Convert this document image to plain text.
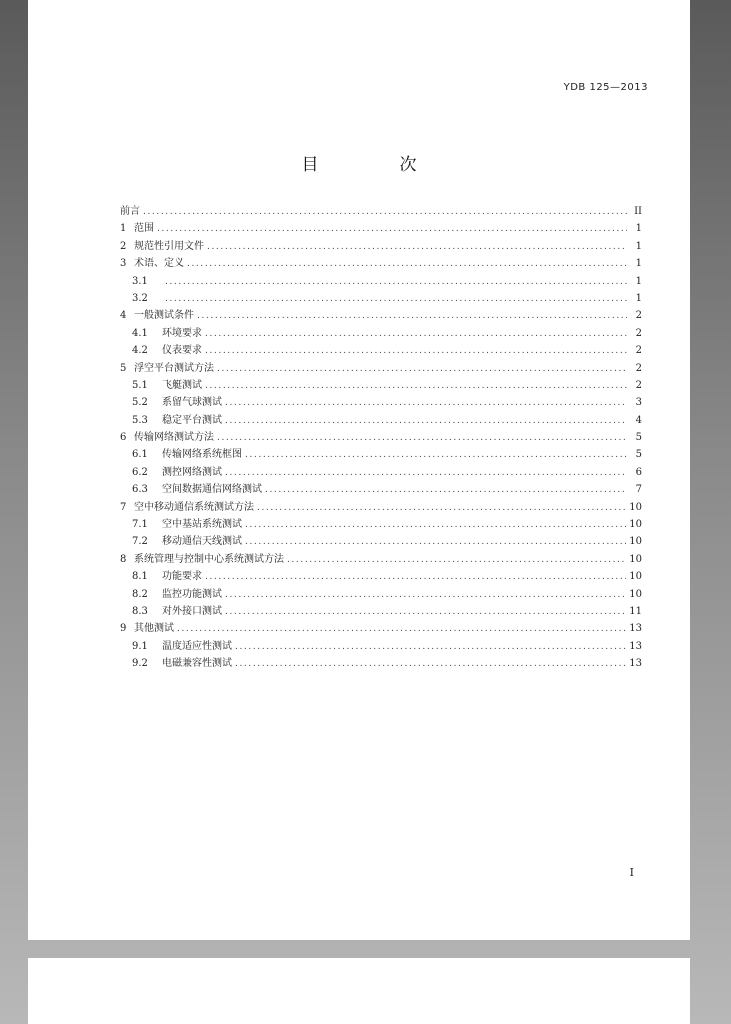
YDB 125—2013
目　次
前言 .....	II
1 范围 .....	1
2 规范性引用文件 .....	1
3 术语、定义 .....	1
3.1 .....	1
3.2 .....	1
4 一般测试条件 .....	2
4.1	环境要求 .....	2
4.2	仪表要求 .....	2
5 浮空平台测试方法 .....	2
5.1	飞艇测试 .....	2
5.2	系留气球测试 .....	3
5.3	稳定平台测试 .....	4
6 传输网络测试方法 .....	5
6.1	传输网络系统框图 .....	5
6.2	测控网络测试 .....	6
6.3	空间数据通信网络测试 .....	7
7 空中移动通信系统测试方法 .....	10
7.1	空中基站系统测试 .....	10
7.2	移动通信天线测试 .....	10
8 系统管理与控制中心系统测试方法 .....	10
8.1	功能要求 .....	10
8.2	监控功能测试 .....	10
8.3	对外接口测试 .....	11
9 其他测试 .....	13
9.1	温度适应性测试 .....	13
9.2	电磁兼容性测试 .....	13
I
